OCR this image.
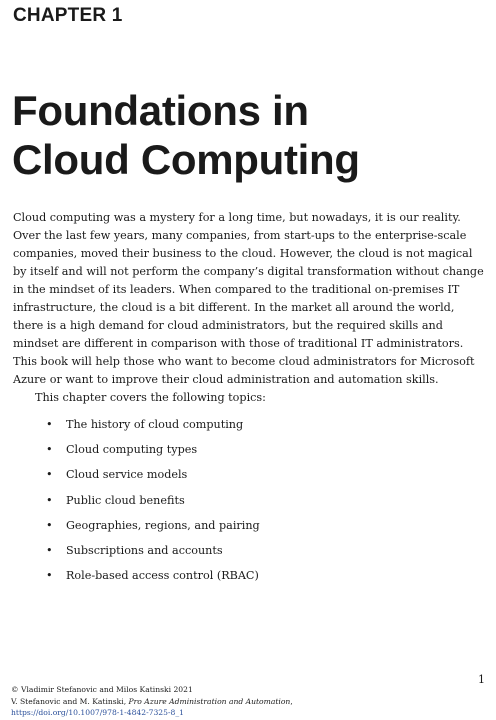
CHAPTER 1
Foundations in
Cloud Computing

Cloud computing was a mystery for a long time, but nowadays, it is our reality. Over the last few years, many companies, from start-ups to the enterprise-scale companies, moved their business to the cloud. However, the cloud is not magical by itself and will not perform the company’s digital transformation without change in the mindset of its leaders. When compared to the traditional on-premises IT infrastructure, the cloud is a bit different. In the market all around the world, there is a high demand for cloud administrators, but the required skills and mindset are different in comparison with those of traditional IT administrators. This book will help those who want to become cloud administrators for Microsoft Azure or want to improve their cloud administration and automation skills.

This chapter covers the following topics:

• The history of cloud computing
• Cloud computing types
• Cloud service models
• Public cloud benefits
• Geographies, regions, and pairing
• Subscriptions and accounts
• Role-based access control (RBAC)
1
© Vladimir Stefanovic and Milos Katinski 2021
V. Stefanovic and M. Katinski, Pro Azure Administration and Automation,
https://doi.org/10.1007/978-1-4842-7325-8_1
